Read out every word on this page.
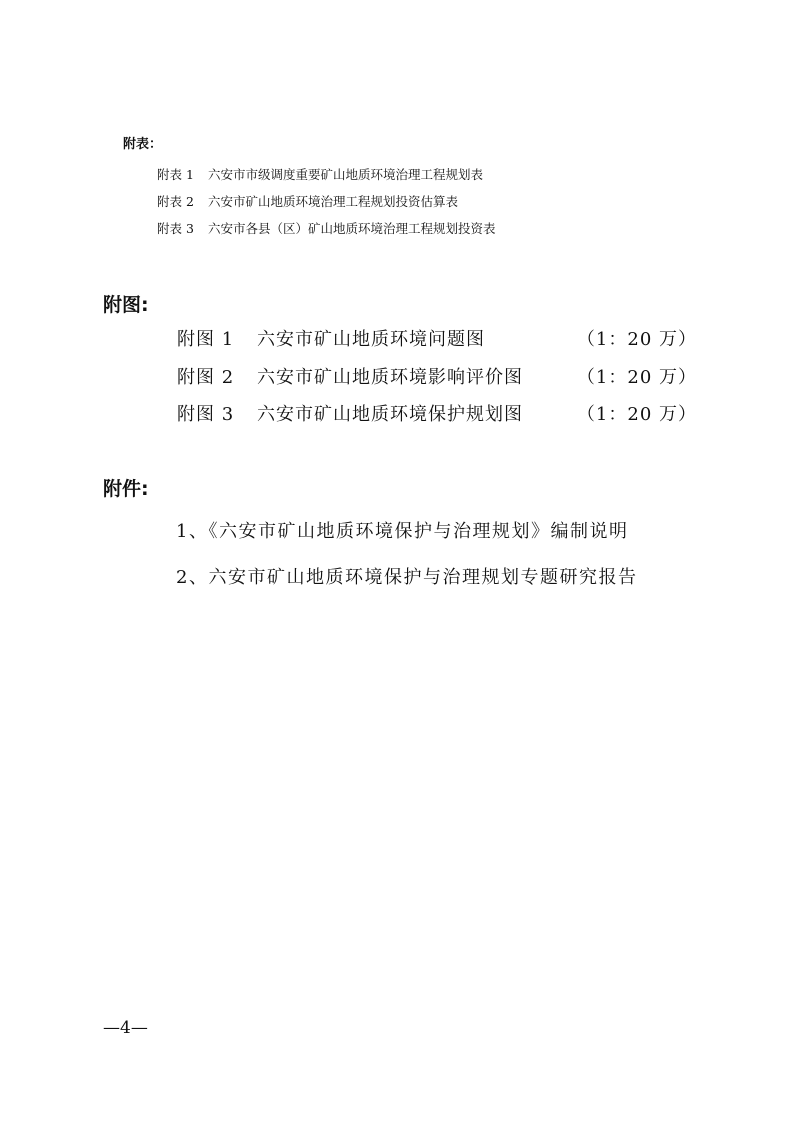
附表：
附表 1 六安市市级调度重要矿山地质环境治理工程规划表
附表 2 六安市矿山地质环境治理工程规划投资估算表
附表 3 六安市各县（区）矿山地质环境治理工程规划投资表
附图:
附图 1 六安市矿山地质环境问题图	（1：20 万）
附图 2 六安市矿山地质环境影响评价图	（1：20 万）
附图 3 六安市矿山地质环境保护规划图	（1：20 万）
附件:
1、《六安市矿山地质环境保护与治理规划》编制说明
2、六安市矿山地质环境保护与治理规划专题研究报告
—4—
